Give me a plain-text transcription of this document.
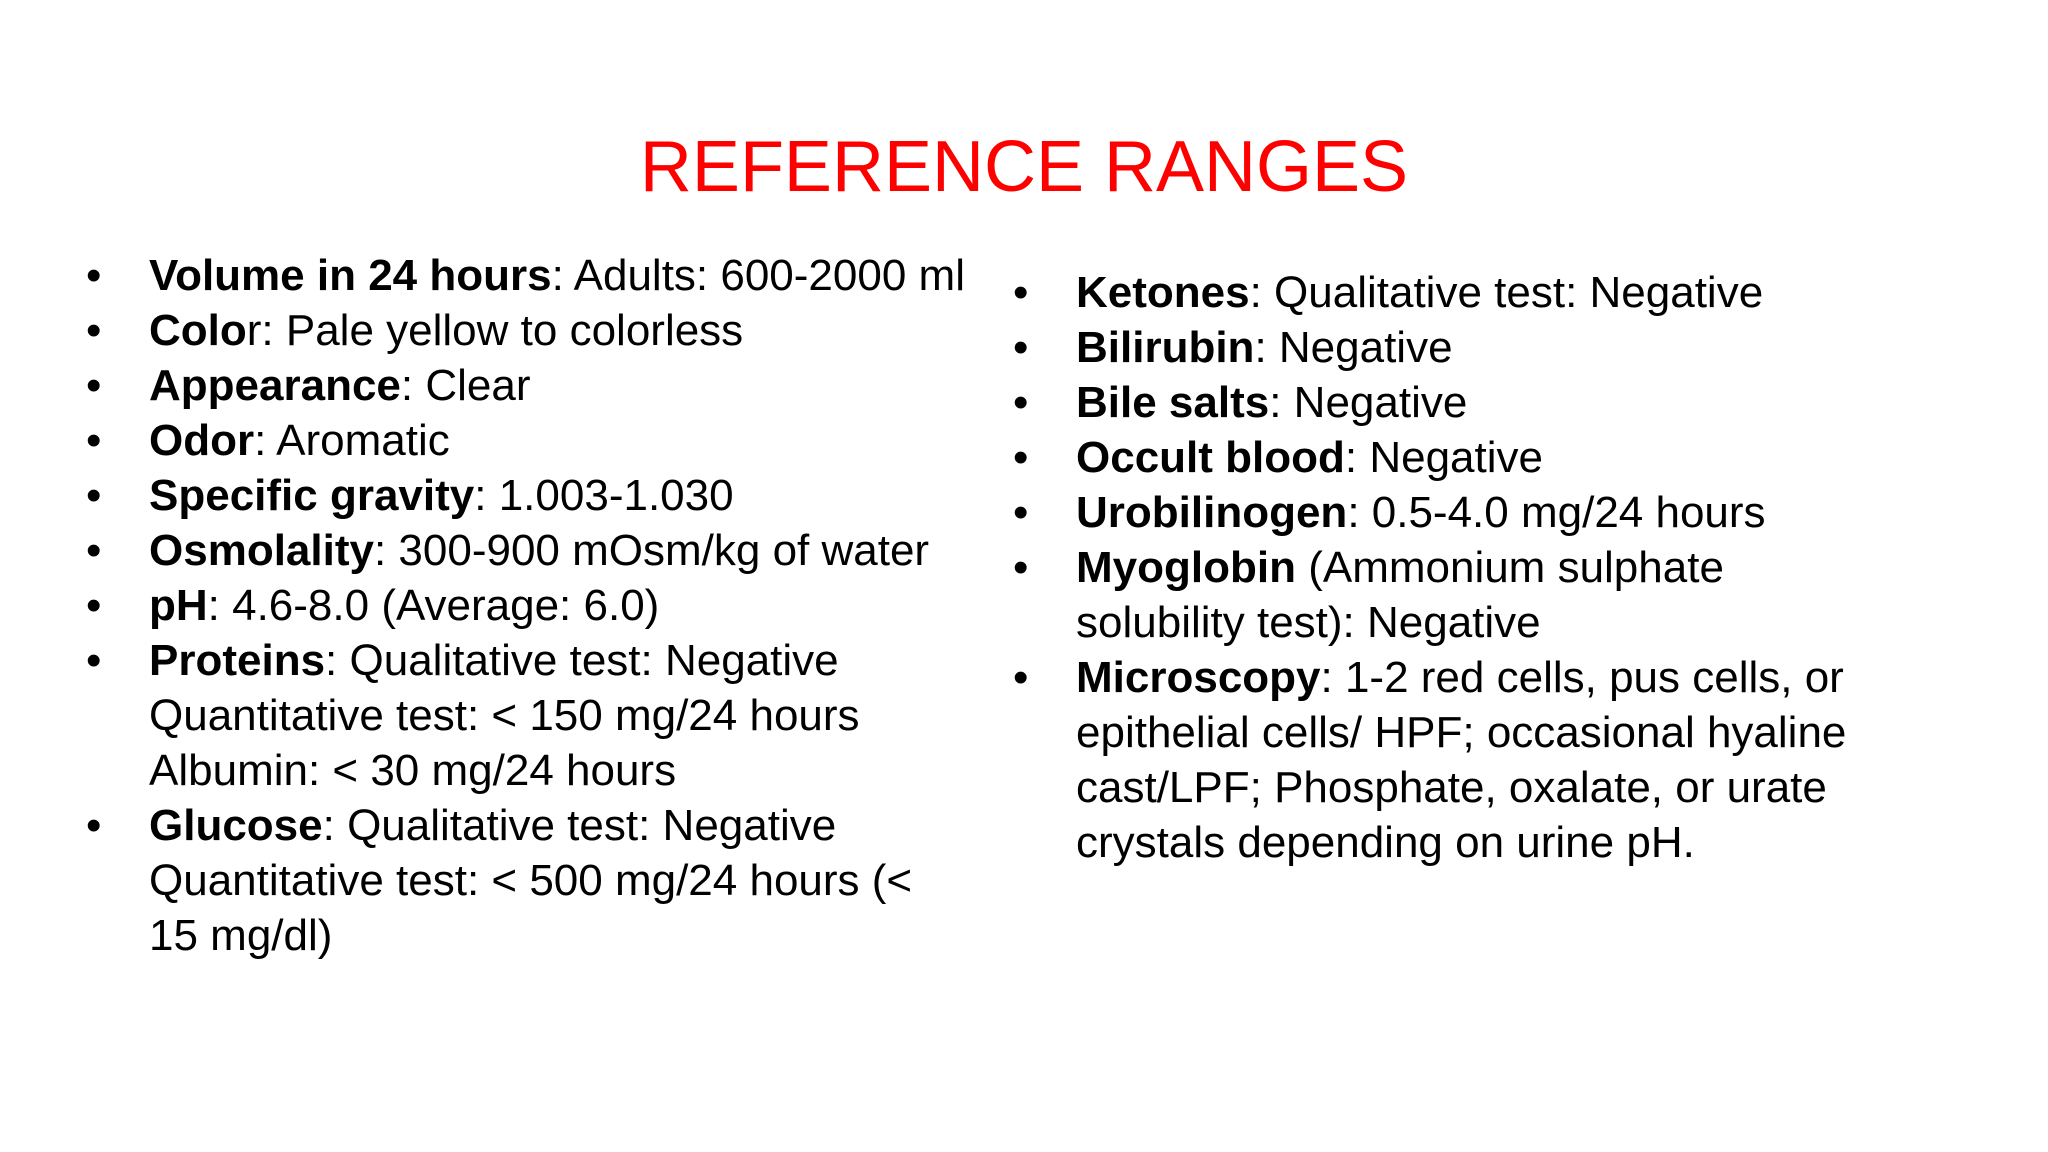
REFERENCE RANGES
•	Volume in 24 hours: Adults: 600-2000 ml
•	Color: Pale yellow to colorless
•	Appearance: Clear
•	Odor: Aromatic
•	Specific gravity: 1.003-1.030
•	Osmolality: 300-900 mOsm/kg of water
•	pH: 4.6-8.0 (Average: 6.0)
•	Proteins: Qualitative test: Negative
Quantitative test: < 150 mg/24 hours
Albumin: < 30 mg/24 hours
•	Glucose: Qualitative test: Negative
Quantitative test: < 500 mg/24 hours (< 15 mg/dl)
•	Ketones: Qualitative test: Negative
•	Bilirubin: Negative
•	Bile salts: Negative
•	Occult blood: Negative
•	Urobilinogen: 0.5-4.0 mg/24 hours
•	Myoglobin (Ammonium sulphate solubility test): Negative
•	Microscopy: 1-2 red cells, pus cells, or epithelial cells/ HPF; occasional hyaline cast/LPF; Phosphate, oxalate, or urate crystals depending on urine pH.
